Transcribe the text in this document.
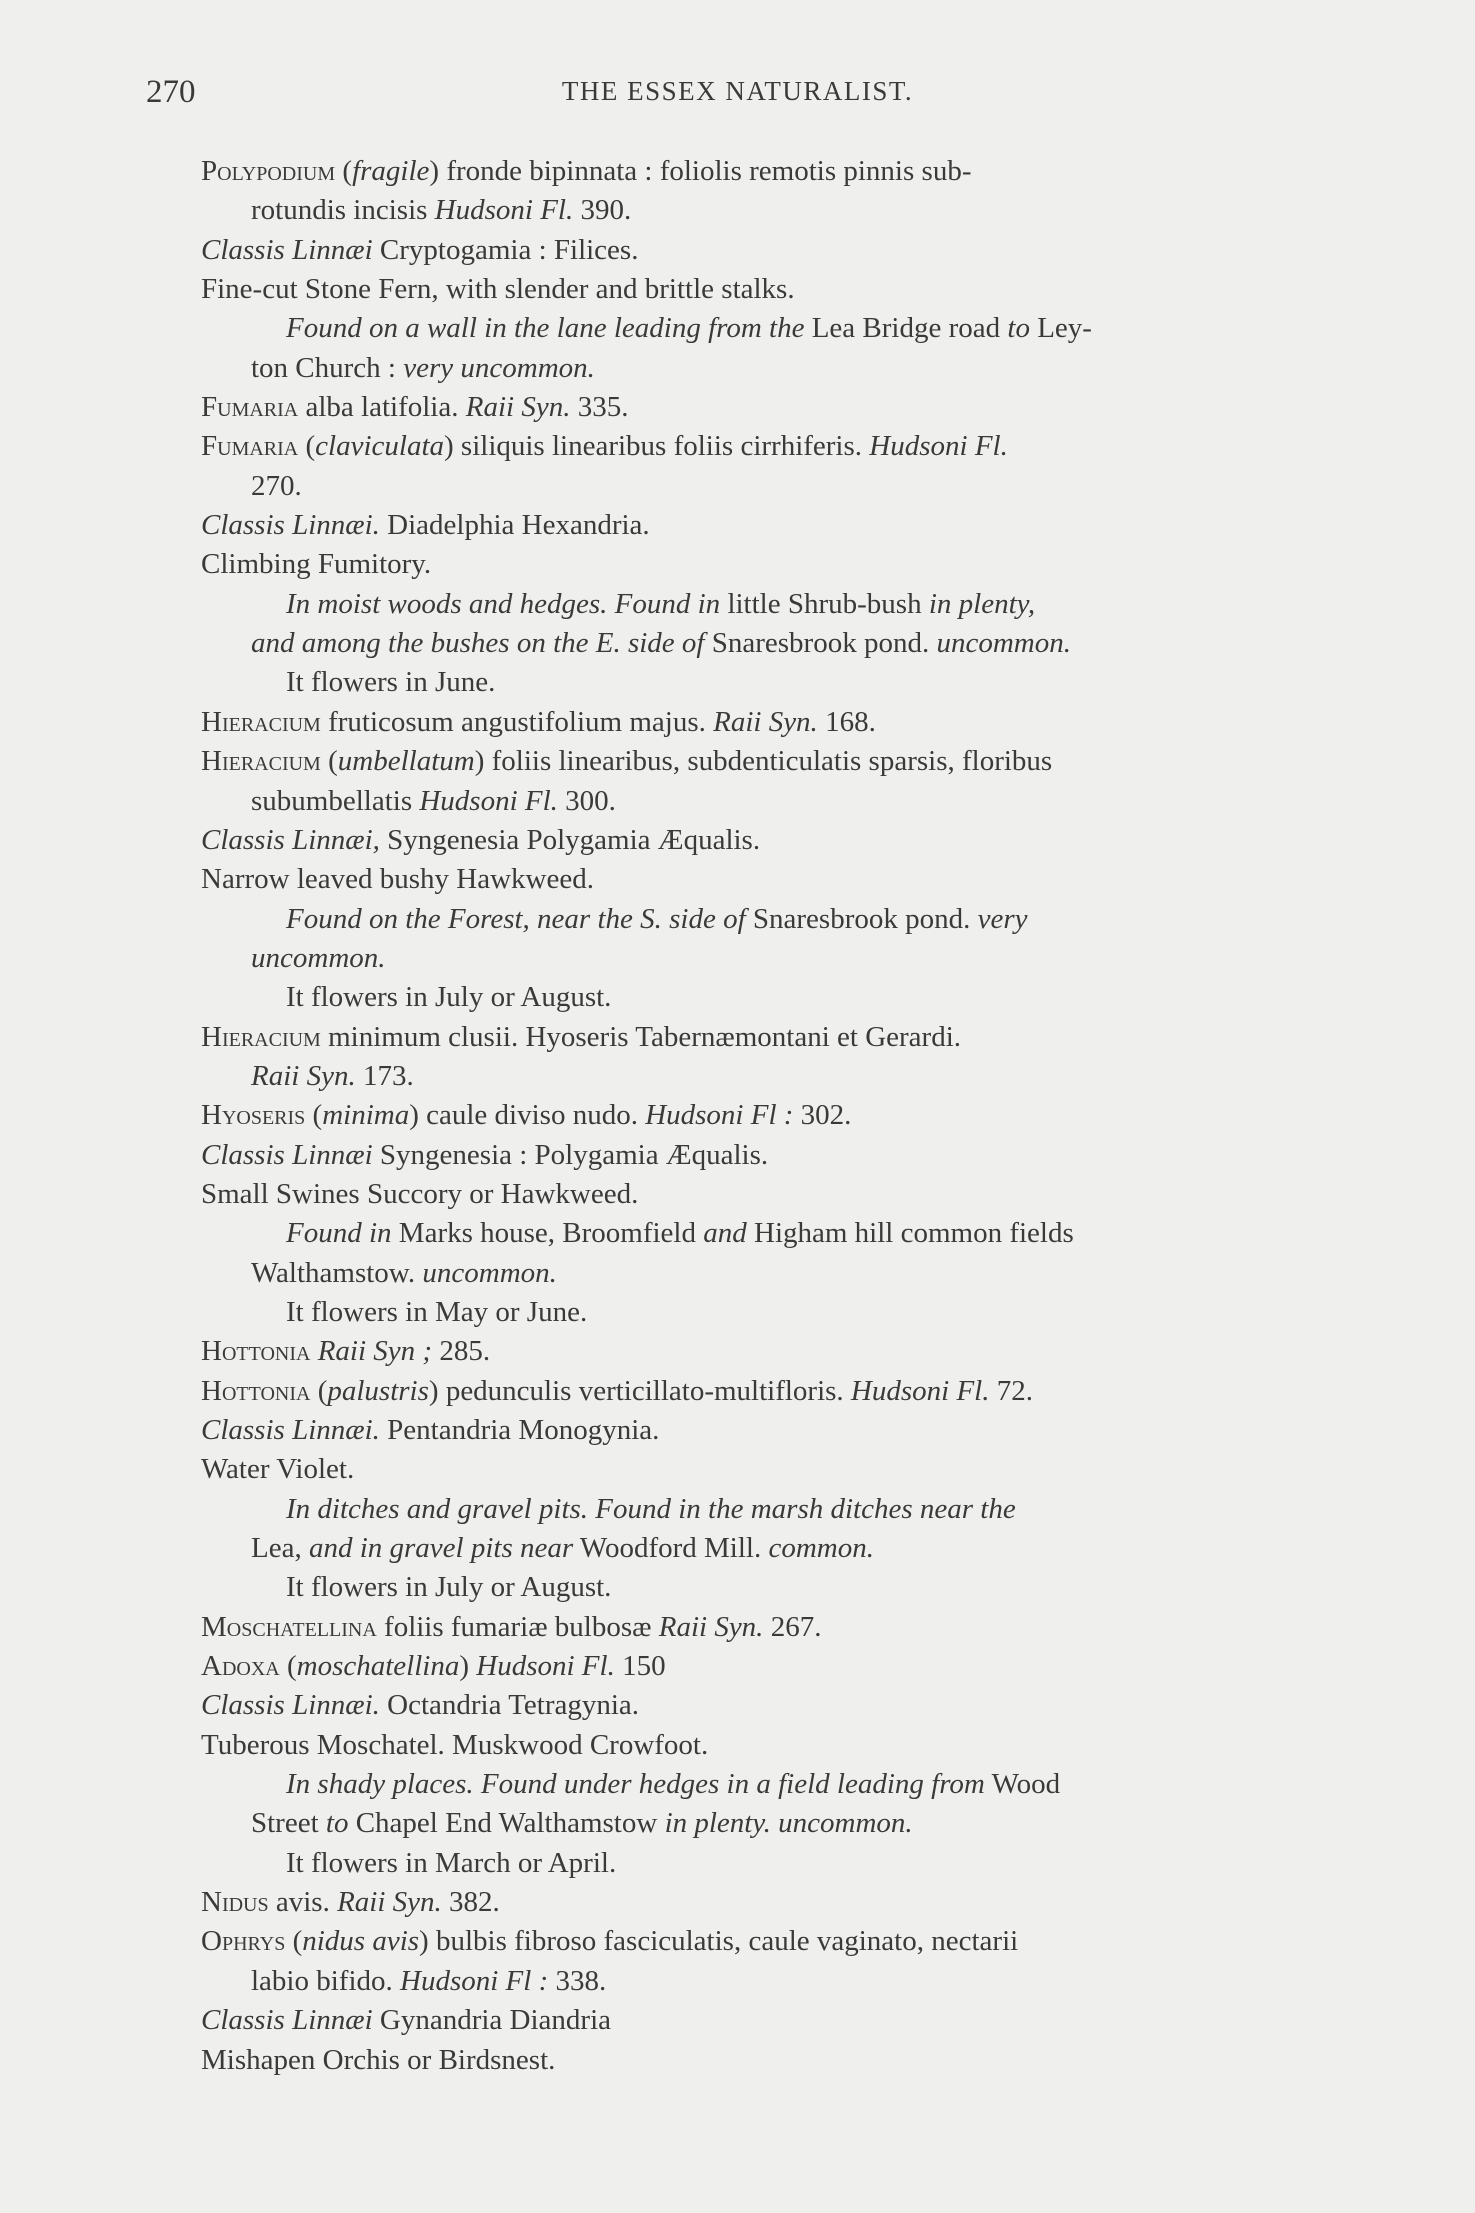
270	THE ESSEX NATURALIST.
Polypodium (fragile) fronde bipinnata : foliolis remotis pinnis sub-
rotundis incisis Hudsoni Fl. 390.
Classis Linnæi Cryptogamia : Filices.
Fine-cut Stone Fern, with slender and brittle stalks.
Found on a wall in the lane leading from the Lea Bridge road to Ley-
ton Church : very uncommon.
Fumaria alba latifolia. Raii Syn. 335.
Fumaria (claviculata) siliquis linearibus foliis cirrhiferis. Hudsoni Fl.
270.
Classis Linnæi. Diadelphia Hexandria.
Climbing Fumitory.
In moist woods and hedges. Found in little Shrub-bush in plenty,
and among the bushes on the E. side of Snaresbrook pond. uncommon.
It flowers in June.
Hieracium fruticosum angustifolium majus. Raii Syn. 168.
Hieracium (umbellatum) foliis linearibus, subdenticulatis sparsis, floribus
subumbellatis Hudsoni Fl. 300.
Classis Linnæi, Syngenesia Polygamia Æqualis.
Narrow leaved bushy Hawkweed.
Found on the Forest, near the S. side of Snaresbrook pond. very
uncommon.
It flowers in July or August.
Hieracium minimum clusii. Hyoseris Tabernæmontani et Gerardi.
Raii Syn. 173.
Hyoseris (minima) caule diviso nudo. Hudsoni Fl : 302.
Classis Linnæi Syngenesia : Polygamia Æqualis.
Small Swines Succory or Hawkweed.
Found in Marks house, Broomfield and Higham hill common fields
Walthamstow. uncommon.
It flowers in May or June.
Hottonia Raii Syn ; 285.
Hottonia (palustris) pedunculis verticillato-multifloris. Hudsoni Fl. 72.
Classis Linnæi. Pentandria Monogynia.
Water Violet.
In ditches and gravel pits. Found in the marsh ditches near the
Lea, and in gravel pits near Woodford Mill. common.
It flowers in July or August.
Moschatellina foliis fumariæ bulbosæ Raii Syn. 267.
Adoxa (moschatellina) Hudsoni Fl. 150
Classis Linnæi. Octandria Tetragynia.
Tuberous Moschatel. Muskwood Crowfoot.
In shady places. Found under hedges in a field leading from Wood
Street to Chapel End Walthamstow in plenty. uncommon.
It flowers in March or April.
Nidus avis. Raii Syn. 382.
Ophrys (nidus avis) bulbis fibroso fasciculatis, caule vaginato, nectarii
labio bifido. Hudsoni Fl : 338.
Classis Linnæi Gynandria Diandria
Mishapen Orchis or Birdsnest.
